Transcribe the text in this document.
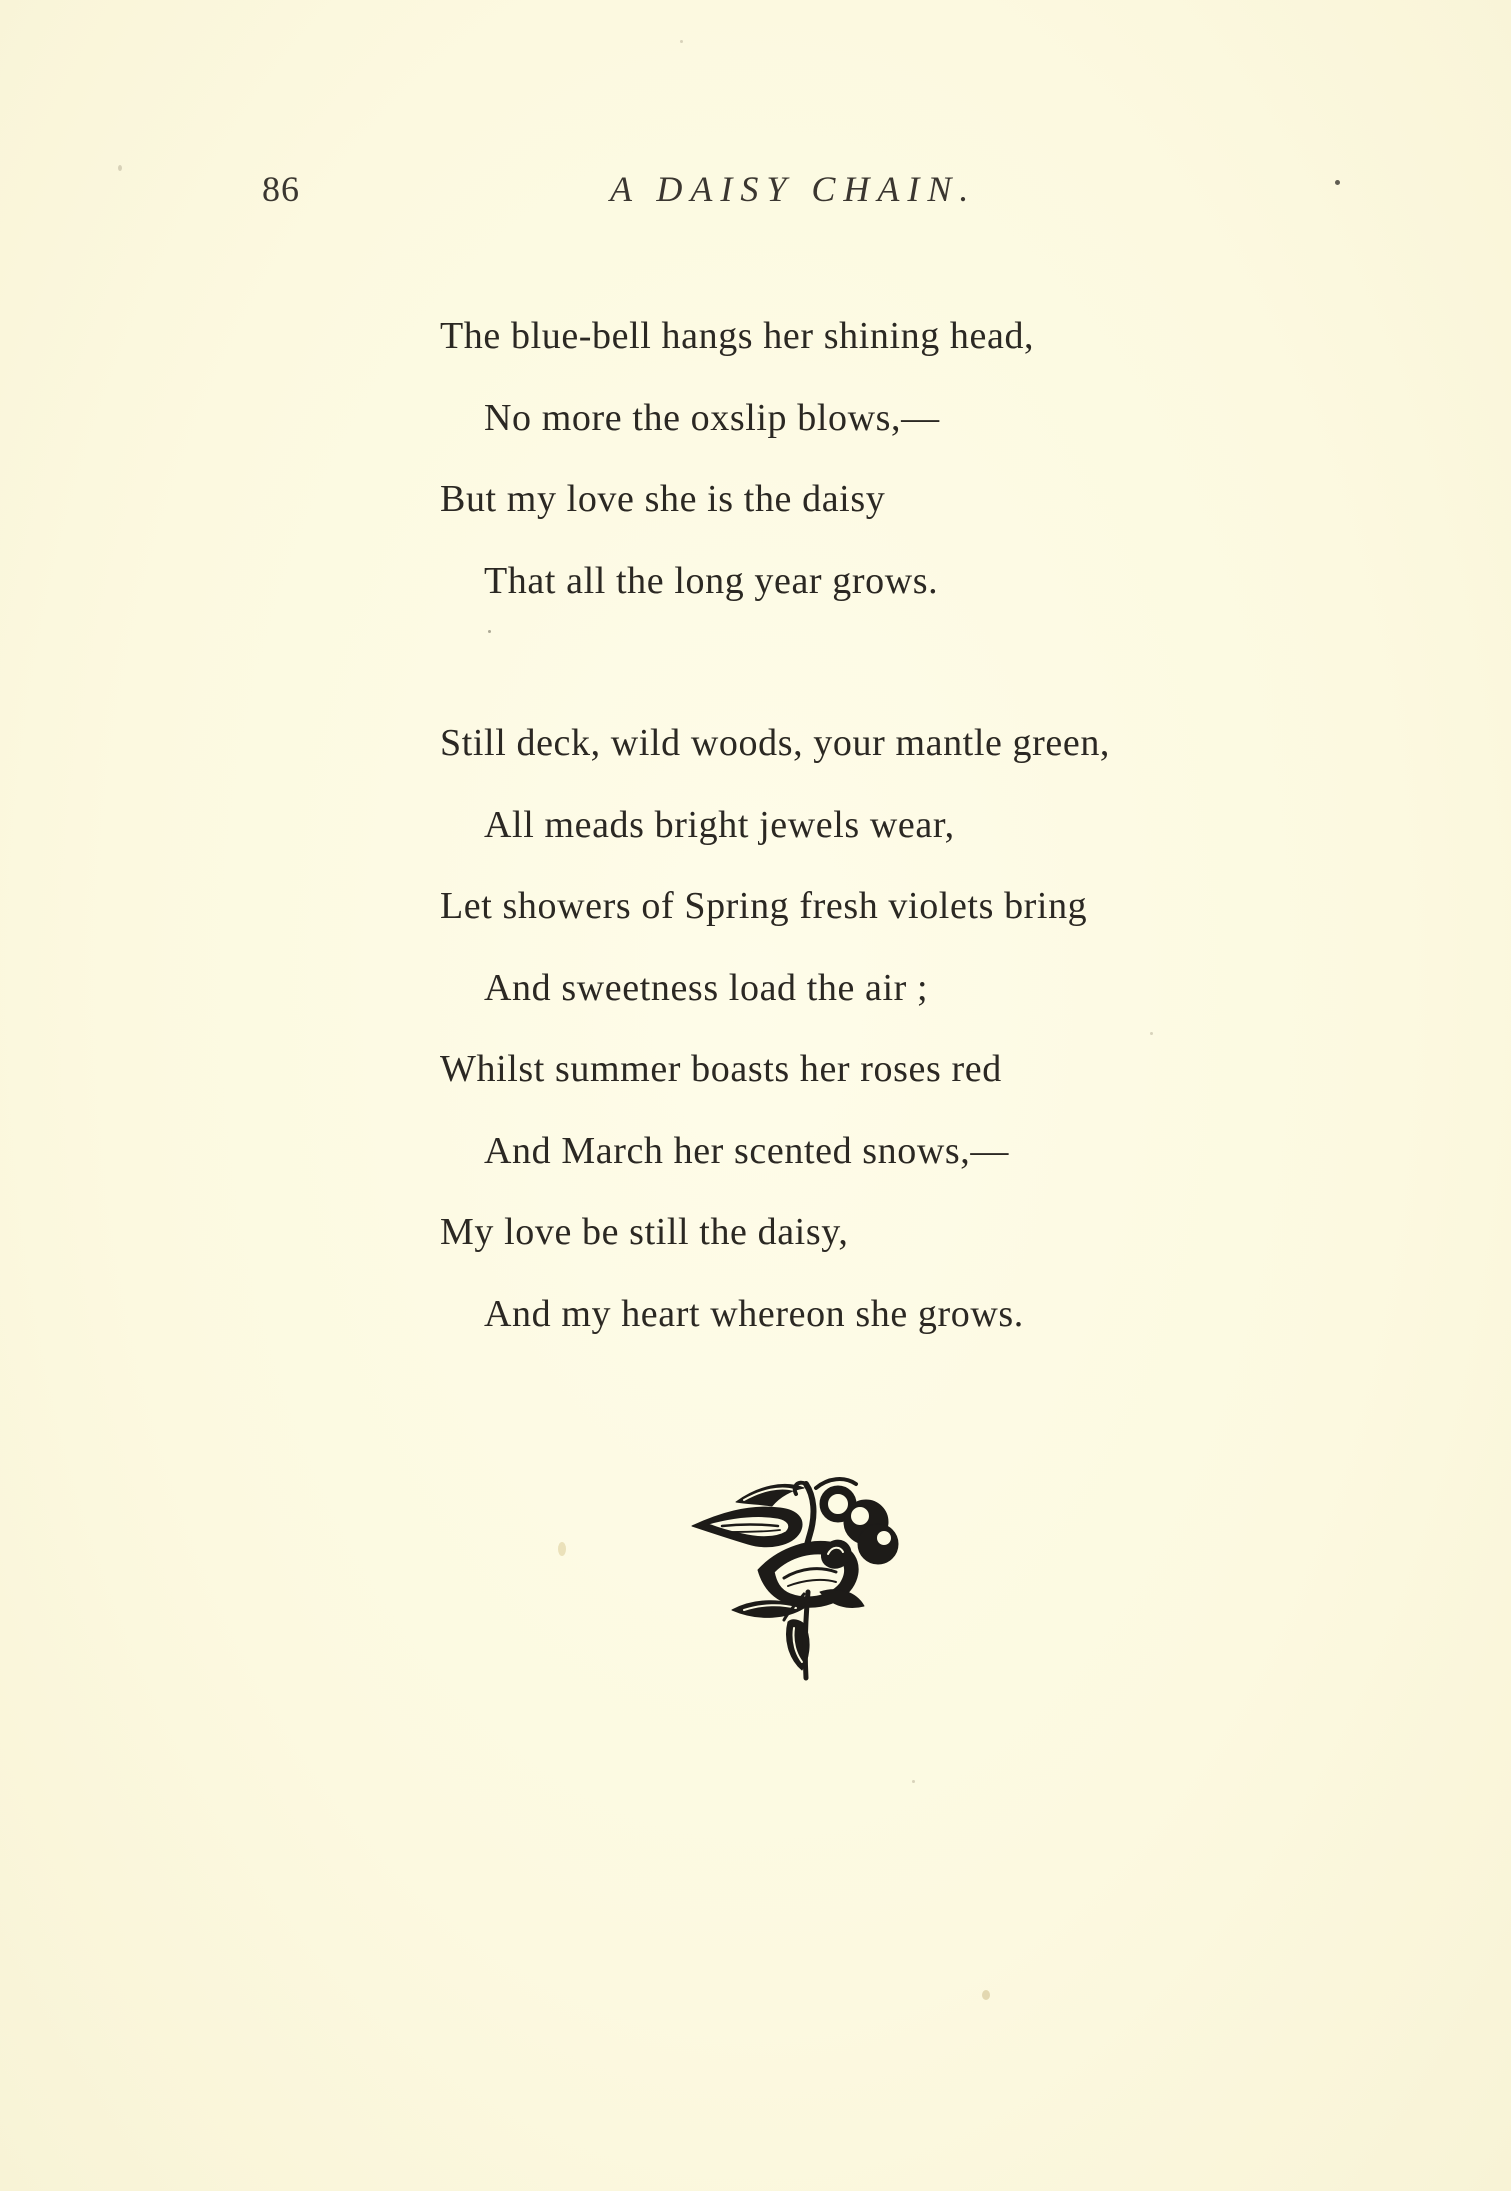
86	A DAISY CHAIN.
The blue-bell hangs her shining head,
No more the oxslip blows,—
But my love she is the daisy
That all the long year grows.
Still deck, wild woods, your mantle green,
All meads bright jewels wear,
Let showers of Spring fresh violets bring
And sweetness load the air ;
Whilst summer boasts her roses red
And March her scented snows,—
My love be still the daisy,
And my heart whereon she grows.
